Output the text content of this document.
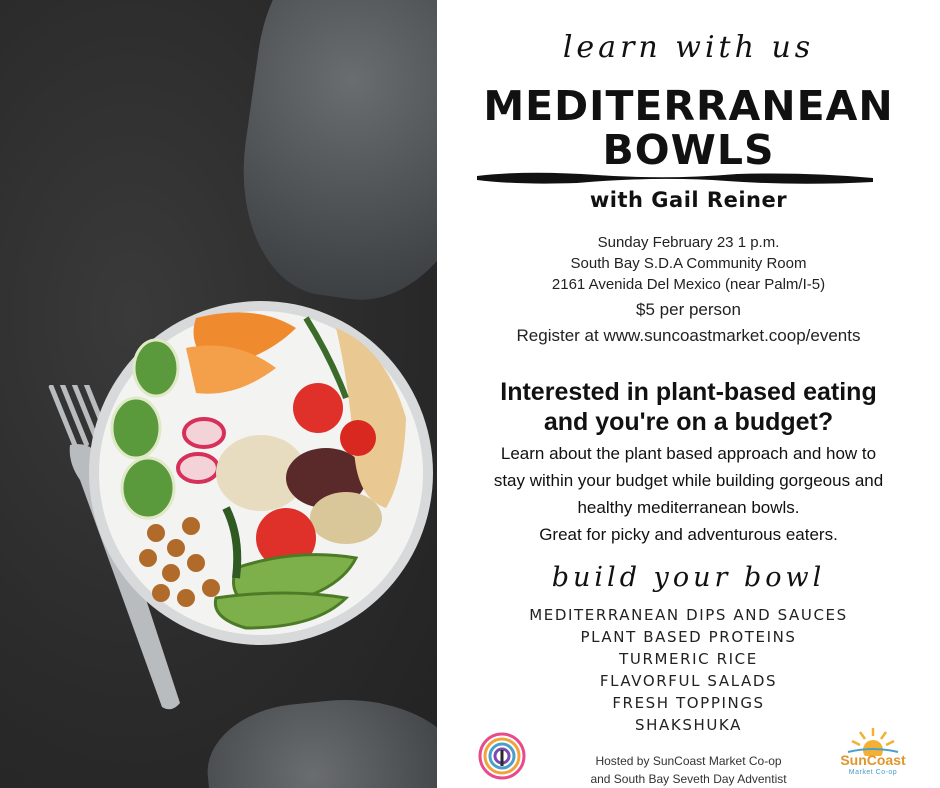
learn with us
MEDITERRANEAN
BOWLS
with Gail Reiner
Sunday February 23 1 p.m.
South Bay S.D.A Community Room
2161 Avenida Del Mexico (near Palm/I-5)
$5 per person
Register at www.suncoastmarket.coop/events
Interested in plant-based eating
and you're on a budget?
Learn about the plant based approach and how to
stay within your budget while building gorgeous and
healthy mediterranean bowls.
Great for picky and adventurous eaters.
build your bowl
MEDITERRANEAN DIPS AND SAUCES
PLANT BASED PROTEINS
TURMERIC RICE
FLAVORFUL SALADS
FRESH TOPPINGS
SHAKSHUKA
Hosted by SunCoast Market Co-op
and South Bay Seveth Day Adventist
SunCoast
Market Co-op
